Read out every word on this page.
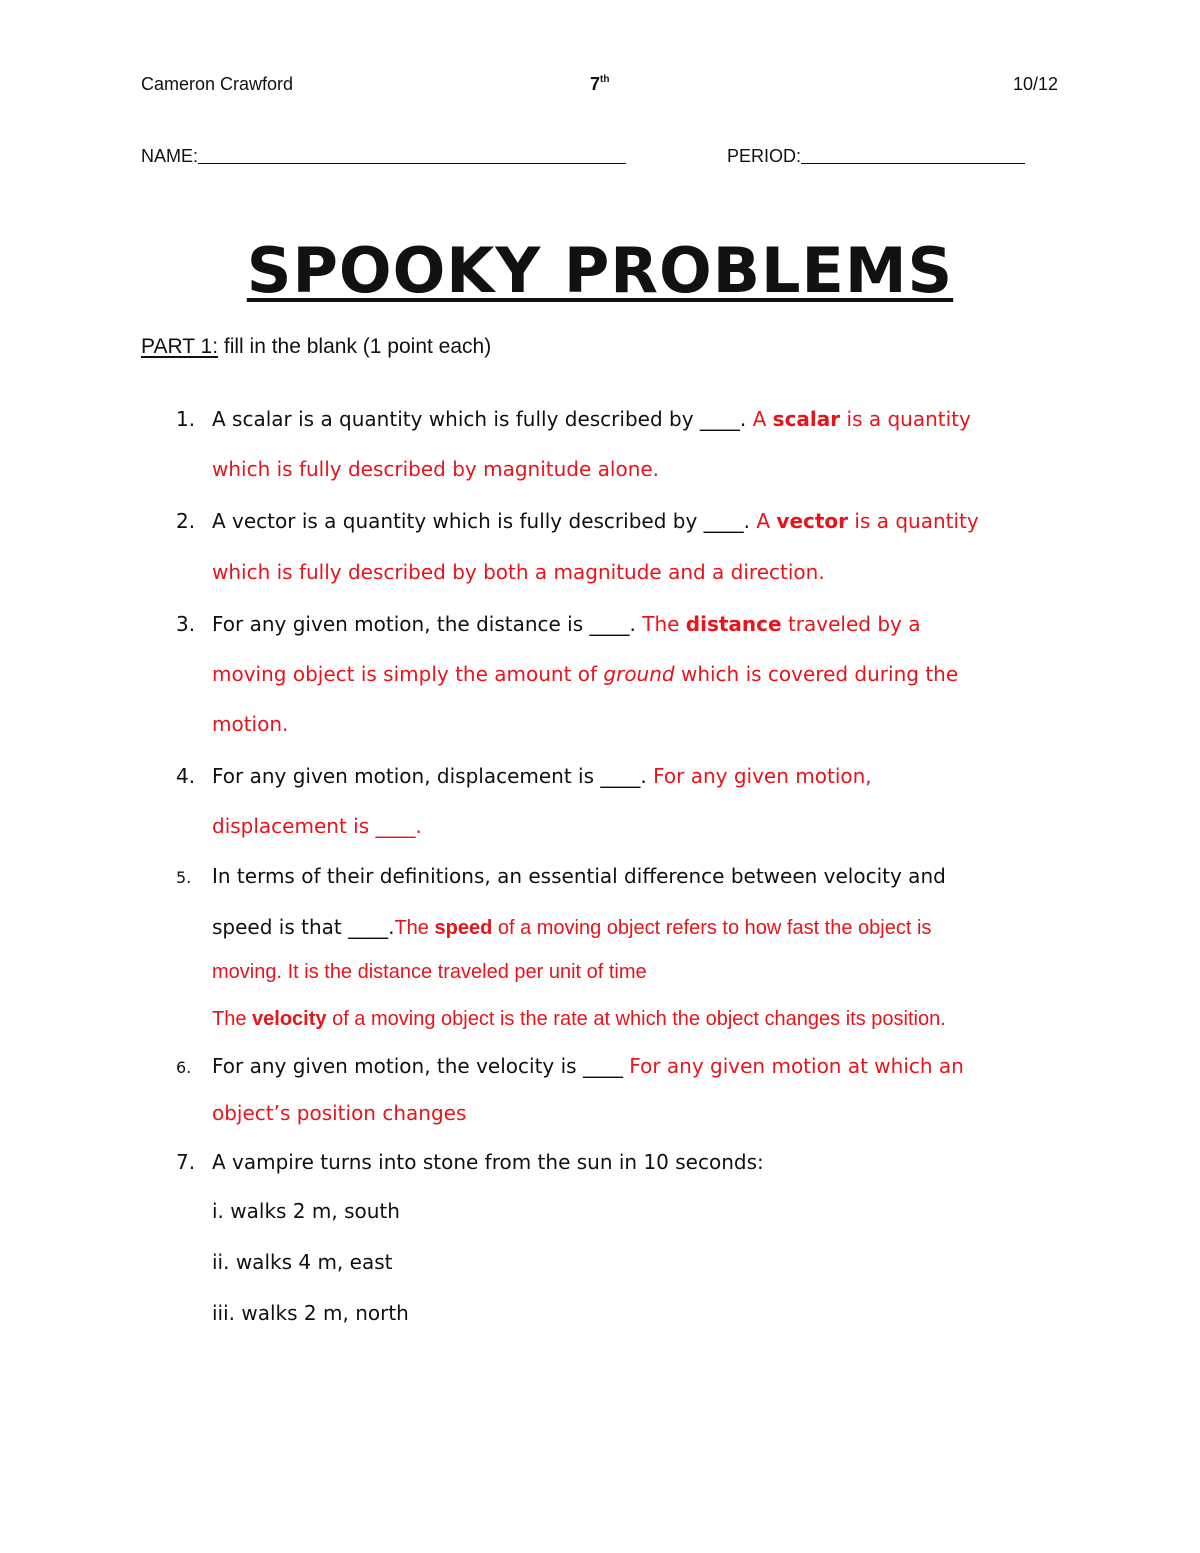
Cameron Crawford	7th	10/12
NAME:	PERIOD:
SPOOKY PROBLEMS
PART 1: fill in the blank (1 point each)
1. A scalar is a quantity which is fully described by ____. A scalar is a quantity
which is fully described by magnitude alone.
2. A vector is a quantity which is fully described by ____. A vector is a quantity
which is fully described by both a magnitude and a direction.
3. For any given motion, the distance is ____. The distance traveled by a
moving object is simply the amount of ground which is covered during the
motion.
4. For any given motion, displacement is ____. For any given motion,
displacement is ____.
5. In terms of their definitions, an essential difference between velocity and
speed is that ____.The speed of a moving object refers to how fast the object is
moving. It is the distance traveled per unit of time
The velocity of a moving object is the rate at which the object changes its position.
6. For any given motion, the velocity is ____ For any given motion at which an
object’s position changes
7. A vampire turns into stone from the sun in 10 seconds:
i. walks 2 m, south
ii. walks 4 m, east
iii. walks 2 m, north
